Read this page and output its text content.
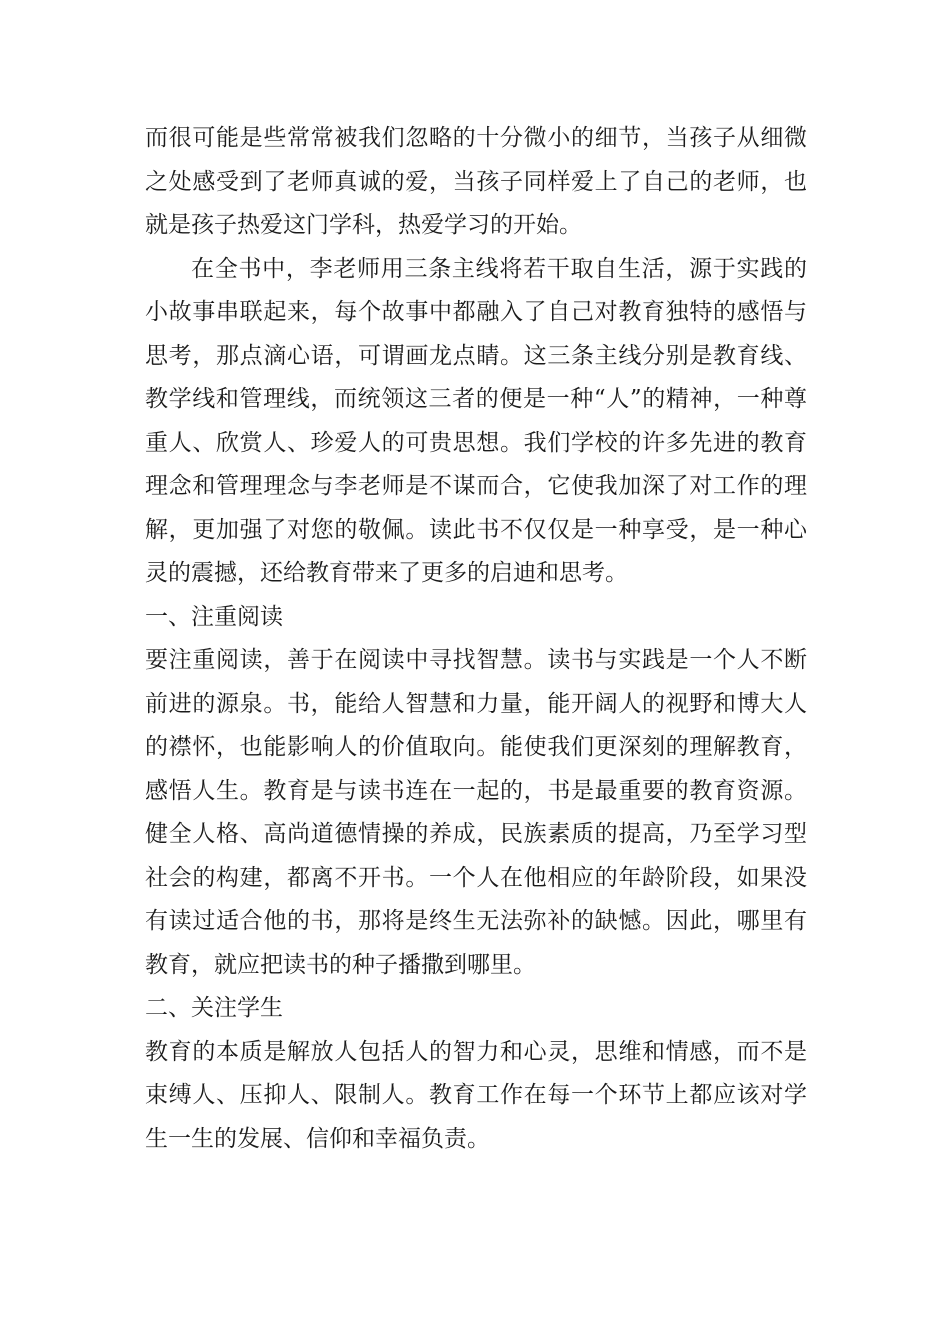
而很可能是些常常被我们忽略的十分微小的细节，当孩子从细微之处感受到了老师真诚的爱，当孩子同样爱上了自己的老师，也就是孩子热爱这门学科，热爱学习的开始。

在全书中，李老师用三条主线将若干取自生活，源于实践的小故事串联起来，每个故事中都融入了自己对教育独特的感悟与思考，那点滴心语，可谓画龙点睛。这三条主线分别是教育线、教学线和管理线，而统领这三者的便是一种“人”的精神，一种尊重人、欣赏人、珍爱人的可贵思想。我们学校的许多先进的教育理念和管理理念与李老师是不谋而合，它使我加深了对工作的理解，更加强了对您的敬佩。读此书不仅仅是一种享受，是一种心灵的震撼，还给教育带来了更多的启迪和思考。

一、注重阅读

要注重阅读，善于在阅读中寻找智慧。读书与实践是一个人不断前进的源泉。书，能给人智慧和力量，能开阔人的视野和博大人的襟怀，也能影响人的价值取向。能使我们更深刻的理解教育，感悟人生。教育是与读书连在一起的，书是最重要的教育资源。健全人格、高尚道德情操的养成，民族素质的提高，乃至学习型社会的构建，都离不开书。一个人在他相应的年龄阶段，如果没有读过适合他的书，那将是终生无法弥补的缺憾。因此，哪里有教育，就应把读书的种子播撒到哪里。

二、关注学生

教育的本质是解放人包括人的智力和心灵，思维和情感，而不是束缚人、压抑人、限制人。教育工作在每一个环节上都应该对学生一生的发展、信仰和幸福负责。
